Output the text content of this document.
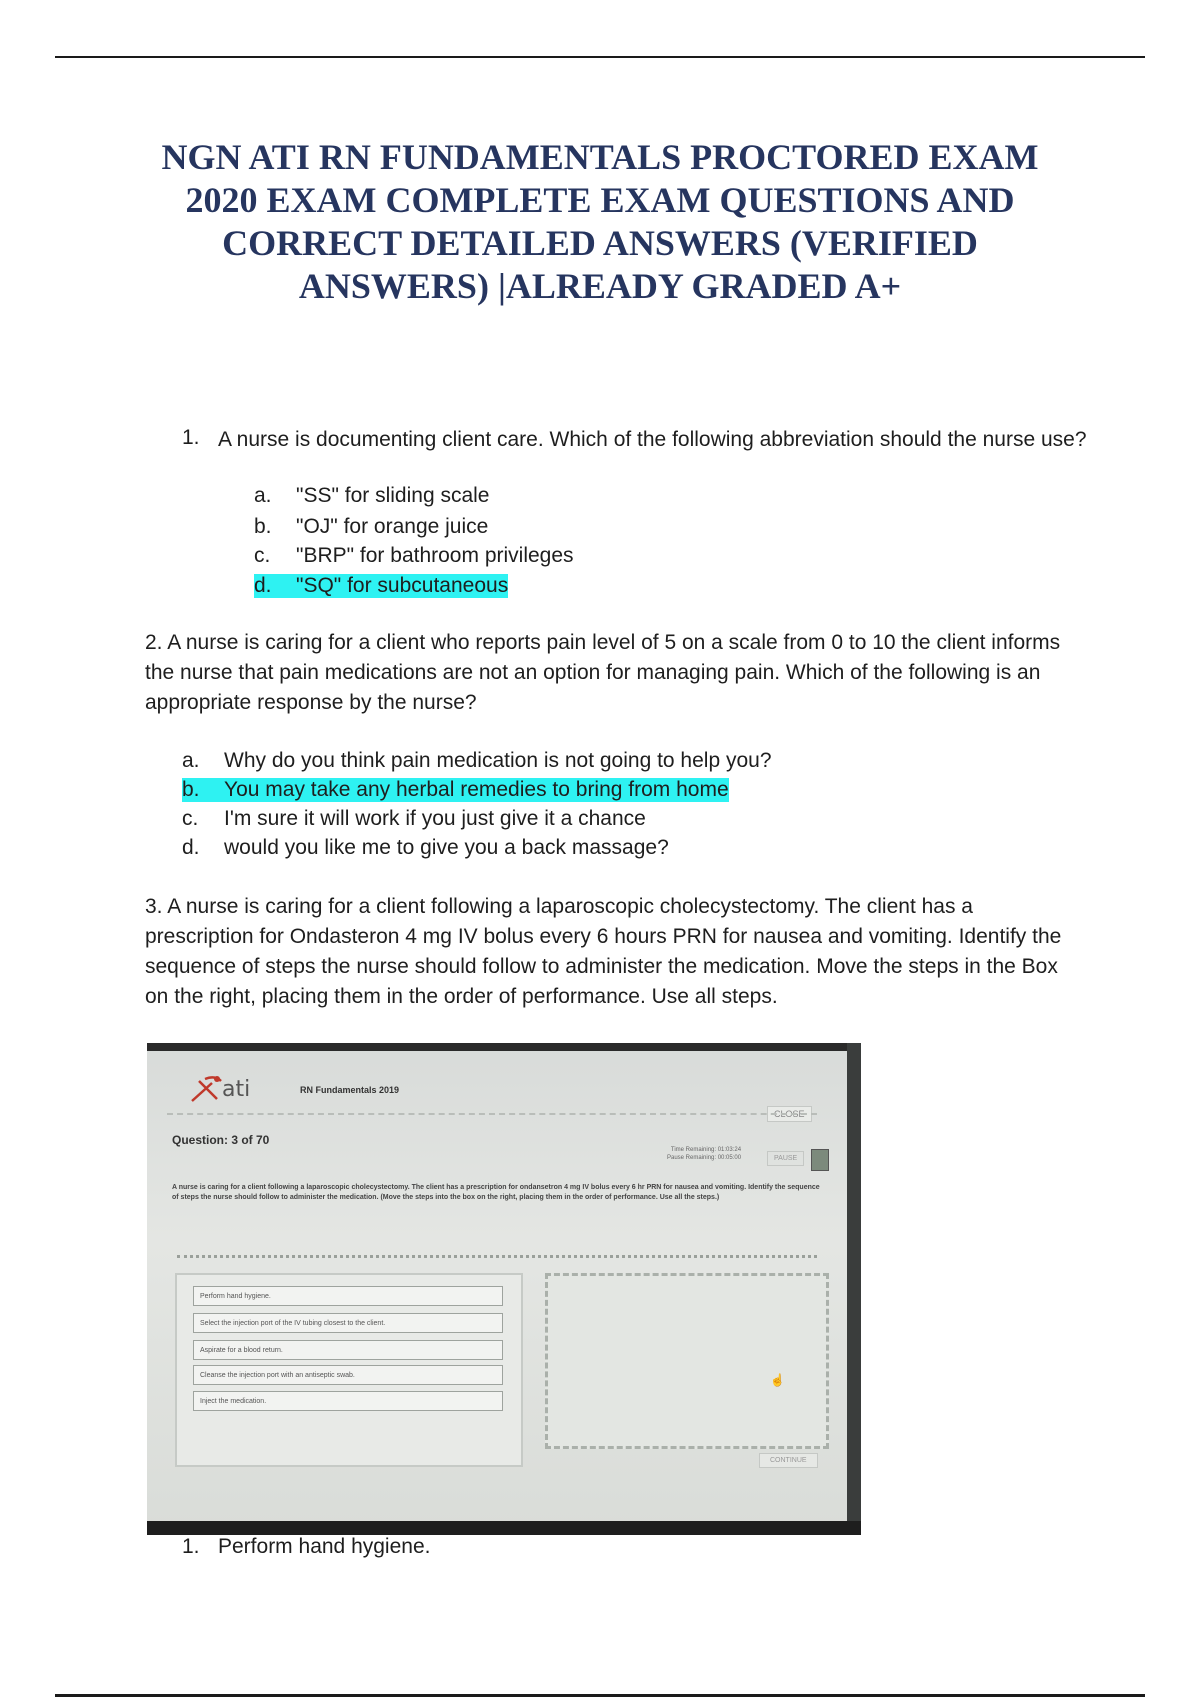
NGN ATI RN FUNDAMENTALS PROCTORED EXAM 2020 EXAM COMPLETE EXAM QUESTIONS AND CORRECT DETAILED ANSWERS (VERIFIED ANSWERS) |ALREADY GRADED A+
1. A nurse is documenting client care. Which of the following abbreviation should the nurse use?
a. "SS" for sliding scale
b. "OJ" for orange juice
c. "BRP" for bathroom privileges
d. "SQ" for subcutaneous

2. A nurse is caring for a client who reports pain level of 5 on a scale from 0 to 10 the client informs the nurse that pain medications are not an option for managing pain. Which of the following is an appropriate response by the nurse?

a. Why do you think pain medication is not going to help you?
b. You may take any herbal remedies to bring from home
c. I'm sure it will work if you just give it a chance
d. would you like me to give you a back massage?

3. A nurse is caring for a client following a laparoscopic cholecystectomy. The client has a prescription for Ondasteron 4 mg IV bolus every 6 hours PRN for nausea and vomiting. Identify the sequence of steps the nurse should follow to administer the medication. Move the steps in the Box on the right, placing them in the order of performance. Use all steps.

ati	RN Fundamentals 2019
CLOSE
Question: 3 of 70
Time Remaining: 01:03:24
Pause Remaining: 00:05:00	PAUSE
A nurse is caring for a client following a laparoscopic cholecystectomy. The client has a prescription for ondansetron 4 mg IV bolus every 6 hr PRN for nausea and vomiting. Identify the sequence of steps the nurse should follow to administer the medication. (Move the steps into the box on the right, placing them in the order of performance. Use all the steps.)
Perform hand hygiene.
Select the injection port of the IV tubing closest to the client.
Aspirate for a blood return.
Cleanse the injection port with an antiseptic swab.
Inject the medication.
☝
CONTINUE
1. Perform hand hygiene.
